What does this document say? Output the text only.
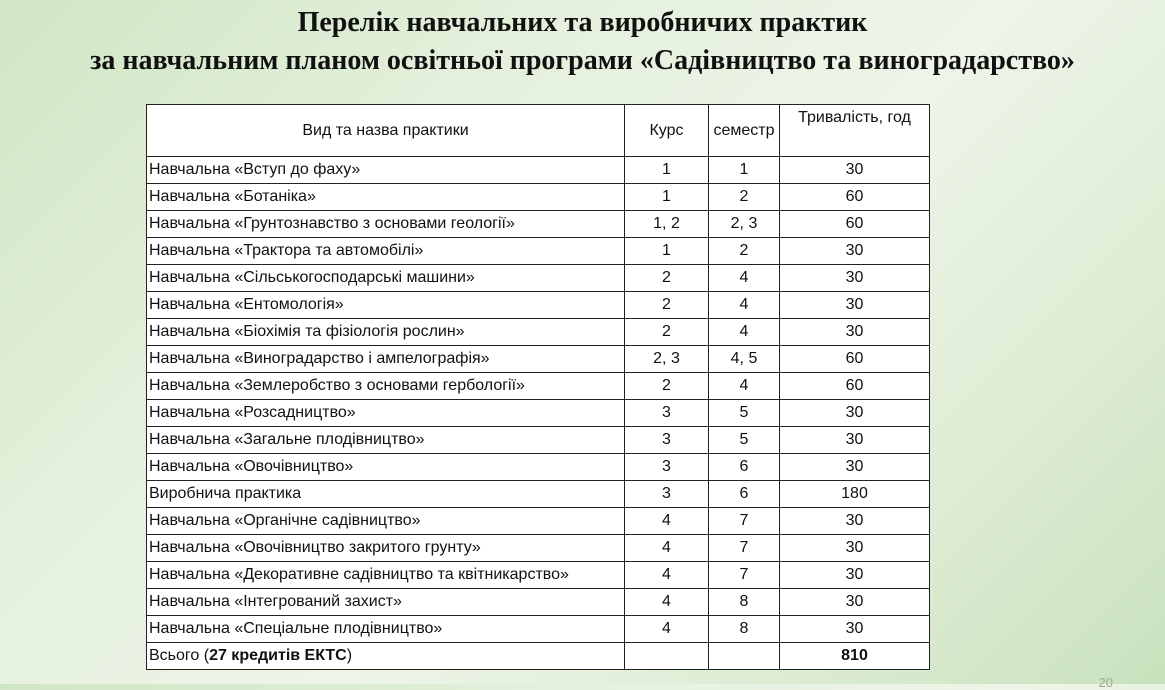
Перелік навчальних та виробничих практик
за навчальним планом освітньої програми «Садівництво та виноградарство»
Вид та назва практики	Курс	семестр	Тривалість, год
Навчальна «Вступ до фаху»	1	1	30
Навчальна «Ботаніка»	1	2	60
Навчальна «Грунтознавство з основами геології»	1, 2	2, 3	60
Навчальна «Трактора та автомобілі»	1	2	30
Навчальна «Сільськогосподарські машини»	2	4	30
Навчальна «Ентомологія»	2	4	30
Навчальна «Біохімія та фізіологія рослин»	2	4	30
Навчальна «Виноградарство і ампелографія»	2, 3	4, 5	60
Навчальна «Землеробство з основами гербології»	2	4	60
Навчальна «Розсадництво»	3	5	30
Навчальна «Загальне плодівництво»	3	5	30
Навчальна «Овочівництво»	3	6	30
Виробнича практика	3	6	180
Навчальна «Органічне садівництво»	4	7	30
Навчальна «Овочівництво закритого грунту»	4	7	30
Навчальна «Декоративне садівництво та квітникарство»	4	7	30
Навчальна «Інтегрований захист»	4	8	30
Навчальна «Спеціальне плодівництво»	4	8	30
Всього (27 кредитів ЕКТС)			810
20
